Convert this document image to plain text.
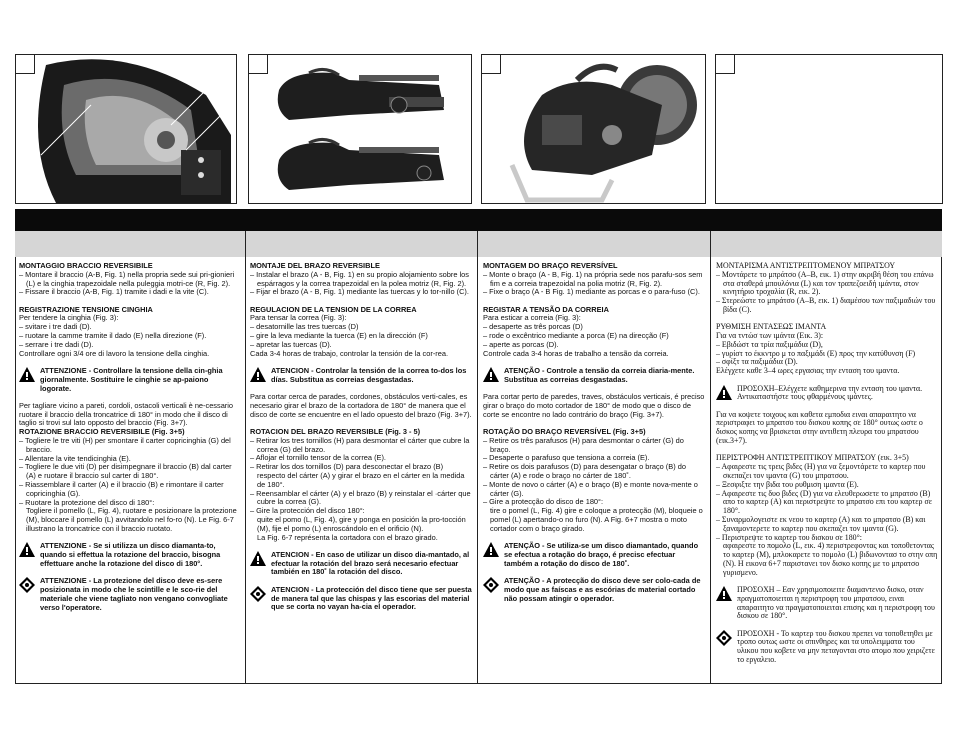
MONTAGGIO BRACCIO REVERSIBILE

– Montare il braccio (A-B, Fig. 1) nella propria sede sui pri-gionieri (L) e la cinghia trapezoidale nella puleggia motri-ce (R, Fig. 2).

– Fissare il braccio (A-B, Fig. 1) tramite i dadi e la vite (C).

REGISTRAZIONE TENSIONE CINGHIA

Per tendere la cinghia (Fig. 3):

– svitare i tre dadi (D).

– ruotare la camme tramite il dado (E) nella direzione (F).

– serrare i tre dadi (D).

Controllare ogni 3/4 ore di lavoro la tensione della cinghia.

ATTENZIONE - Controllare la tensione della cin-ghia giornalmente. Sostituire le cinghie se ap-paiono logorate.

Per tagliare vicino a pareti, cordoli, ostacoli verticali è ne-cessario ruotare il braccio della troncatrice di 180° in modo che il disco di taglio si trovi sul lato opposto del braccio (Fig. 3+7).

ROTAZIONE BRACCIO REVERSIBILE (Fig. 3+5)

– Togliere le tre viti (H) per smontare il carter copricinghia (G) del braccio.

– Allentare la vite tendicinghia (E).

– Togliere le due viti (D) per disimpegnare il braccio (B) dal carter (A) e ruotare il braccio sul carter di 180°.

– Riassemblare il carter (A) e il braccio (B) e rimontare il carter copricinghia (G).

– Ruotare la protezione del disco di 180°:

Togliere il pomello (L, Fig. 4), ruotare e posizionare la protezione (M), bloccare il pomello (L) avvitandolo nel fo-ro (N). Le Fig. 6-7 illustrano la troncatrice con il braccio ruotato.

ATTENZIONE - Se si utilizza un disco diamanta-to, quando si effettua la rotazione del braccio, bisogna effettuare anche la rotazione del disco di 180°.

ATTENZIONE - La protezione del disco deve es-sere posizionata in modo che le scintille e le sco-rie del materiale che viene tagliato non vengano convogliate verso l'operatore.

MONTAJE DEL BRAZO REVERSIBLE

– Instalar el brazo (A - B, Fig. 1) en su propio alojamiento sobre los espárragos y la correa trapezoidal en la polea motriz (R, Fig. 2).

– Fijar el brazo (A - B, Fig. 1) mediante las tuercas y lo tor-nillo (C).

REGULACION DE LA TENSION DE LA CORREA

Para tensar la correa (Fig. 3):

– desatornille las tres tuercas (D)

– gire la leva mediante la tuerca (E) en la dirección (F)

– apretar las tuercas (D).

Cada 3-4 horas de trabajo, controlar la tensión de la cor-rea.

ATENCION - Controlar la tensión de la correa to-dos los días. Substitua as correias desgastadas.

Para cortar cerca de parades, cordones, obstáculos verti-cales, es necesario girar el brazo de la cortadora de 180° de manera que el disco de corte se encuentre en el lado opuesto del brazo (Fig. 3+7).

ROTACION DEL BRAZO REVERSIBLE (Fig. 3 - 5)

– Retirar los tres tornillos (H) para desmontar el cárter que cubre la correa (G) del brazo.

– Aflojar el tornillo tensor de la correa (E).

– Retirar los dos tornillos (D) para desconectar el brazo (B) respecto del cárter (A) y girar el brazo en el cárter en la medida de 180°.

– Reensamblar el cárter (A) y el brazo (B) y reinstalar el ·cárter que cubre la correa (G).

– Gire la protección del disco 180°:

quite el pomo (L, Fig. 4), gire y ponga en posición la pro-tocción (M), fije el pomo (L) enroscándolo en el orificio (N).

La Fig. 6-7 représenta la cortadora con el brazo girado.

ATENCION - En caso de utilizar un disco dia-mantado, al efectuar la rotación del brazo será necesario efectuar también en 180˚ la rotación del disco.

ATENCION - La protección del disco tiene que ser puesta de manera tal que las chispas y las escorias del material que se corta no vayan ha-cia el operador.

MONTAGEM DO BRAÇO REVERSÍVEL

– Monte o braço (A - B, Fig. 1) na própria sede nos parafu-sos sem fim e a correia trapezoidal na polia motriz (R, Fig. 2).

– Fixe o braço (A - B Fig. 1) mediante as porcas e o para-fuso (C).

REGISTAR A TENSÃO DA CORREIA

Para esticar a correia (Fig. 3):

– desaperte as três porcas (D)

– rode o excêntrico mediante a porca (E) na direcção (F)

– aperte as porcas (D).

Controle cada 3-4 horas de trabalho a tensão da correia.

ATENÇÃO - Controle a tensão da correia diaria-mente. Substitua as correias desgastadas.

Para cortar perto de paredes, traves, obstáculos verticais, é preciso girar o braço do moto cortador de 180° de modo que o disco de corte se encontre no lado contrário do braço (Fig. 3+7).

ROTAÇÃO DO BRAÇO REVERSÍVEL (Fig. 3+5)

– Retire os três parafusos (H) para desmontar o cárter (G) do braço.

– Desaperte o parafuso que tensiona a correia (E).

– Retire os dois parafusos (D) para desengatar o braço (B) do cárter (A) e rode o braço no cárter de 180˚.

– Monte de novo o cárter (A) e o braço (B) e monte nova-mente o cárter (G).

– Gire a protecção do disco de 180°:

tire o pomel (L, Fig. 4) gire e coloque a protecção (M), bloqueie o pomel (L) apertando-o no furo (N). A Fig. 6+7 mostra o moto cortador com o braço girado.

ATENÇÃO - Se utiliza-se um disco diamantado, quando se efectua a rotação do braço, é precisc efectuar também a rotação do disco de 180˚.

ATENÇÃO - A protecção do disco deve ser colo-cada de modo que as faíscas e as escórias dc material cortado não possam atingir o operador.

ΜΟΝΤΑΡΙΣΜΑ ΑΝΤΙΣΤΡΕΠΤΟΜΕΝΟΥ ΜΠΡΑΤΣΟΥ

– Μοντάρετε το μπράτσο (A–B, εικ. 1) στην ακριβή θέση του επάνω στα σταθερά μπουλόνια (L) και τον τραπεζοειδή ιμάντα, στον κινητήριο τροχαλία (R, εικ. 2).

– Στερεώστε το μπράτσο (A–B, εικ. 1) διαμέσου των παξιμαδιών του βίδα (C).

ΡΥΘΜΙΣΗ ΕΝΤΑΣΕΩΣ ΙΜΑΝΤΑ

Για να τντώσ των ιμάντα (Εικ. 3):

– Εβιδώστ τα τρία παξιμάδια (D),

– γυρίστ το έκκντρο μ το παξιμάδι (E) προς την κατύθυνση (F)

– σφίξτ τα παξιμάδια (D).

Ελέγχετε καθε 3–4 ωρες εργασιας την ενταση του ιμαντα.

ΠΡΟΣΟΧΗ–Ελέγχετε καθημερινα την ενταση του ιμαντα. Αντικαταστήστε τους φθαρμένους ιμάντες.

Για να κοψετε τοιχους και καθετα εμποδια ειναι απαραιτητο να περιστραφει το μπρατσο του δισκου κοπης σε 180° ουτως ωστε ο δισκος κοπης να βρισκεται στην αντιθετη πλευρα του μπρατσου (εικ.3+7).

ΠΕΡΙΣΤΡΟΦΗ ΑΝΤΙΣΤΡΕΠΤΙΚΟΥ ΜΠΡΑΤΣΟΥ (εικ. 3+5)

– Αφαιρεστε τις τρεις βιδες (H) για να ξεμοντάρετε το καρτερ που σκεπαζει τον ιμαντα (G) του μπρατσου.

– Ξεσφιξτε την βιδα του ρυθμιση ιμαντα (E).

– Αφαιρεστε τις δυο βιδες (D) για να ελευθερωσετε το μπρατσο (B) απο το καρτερ (A) και περιστρεψτε το μπρατσο επι του καρτερ σε 180°.

– Συναρμολογειστε εκ νεου το καρτερ (A) και το μπρατσο (B) και ξαναμοντερετε το καρτερ που σκεπαζει τον ιμαντα (G).

– Περιστρεψτε το καρτερ του δισκου σε 180°:

αφαιρεστε το πομολο (L, εικ. 4) περιστρεφοντας και τοποθετοντας το καρτερ (M), μπλοκαρετε το πομολο (L) βιδωνοντασ το στην οπη (N). Η εικονα 6+7 παριστανει τον δισκο κοπης με το μπρατσο γυρισμενο.

ΠΡΟΣΟΧΗ – Εαν χρησιμοποιειτε διαμαντενιο δισκο, οταν πραγματοποιειται η περιστροφη του μπρατσου, ειναι απαραιτητο να πραγματοποιειται επισης και η περιστροφη του δισκου σε 180°.

ΠΡΟΣΟΧΗ - Το καρτερ του δισκου πρεπει να τοποθετηθει με τροπο ουτως ωστε οι σπινθηρες και τα υπολειμματα του υλικου που κοβετε να μην πεταγονται στο ατομο που χειριζετε το εργαλειο.
